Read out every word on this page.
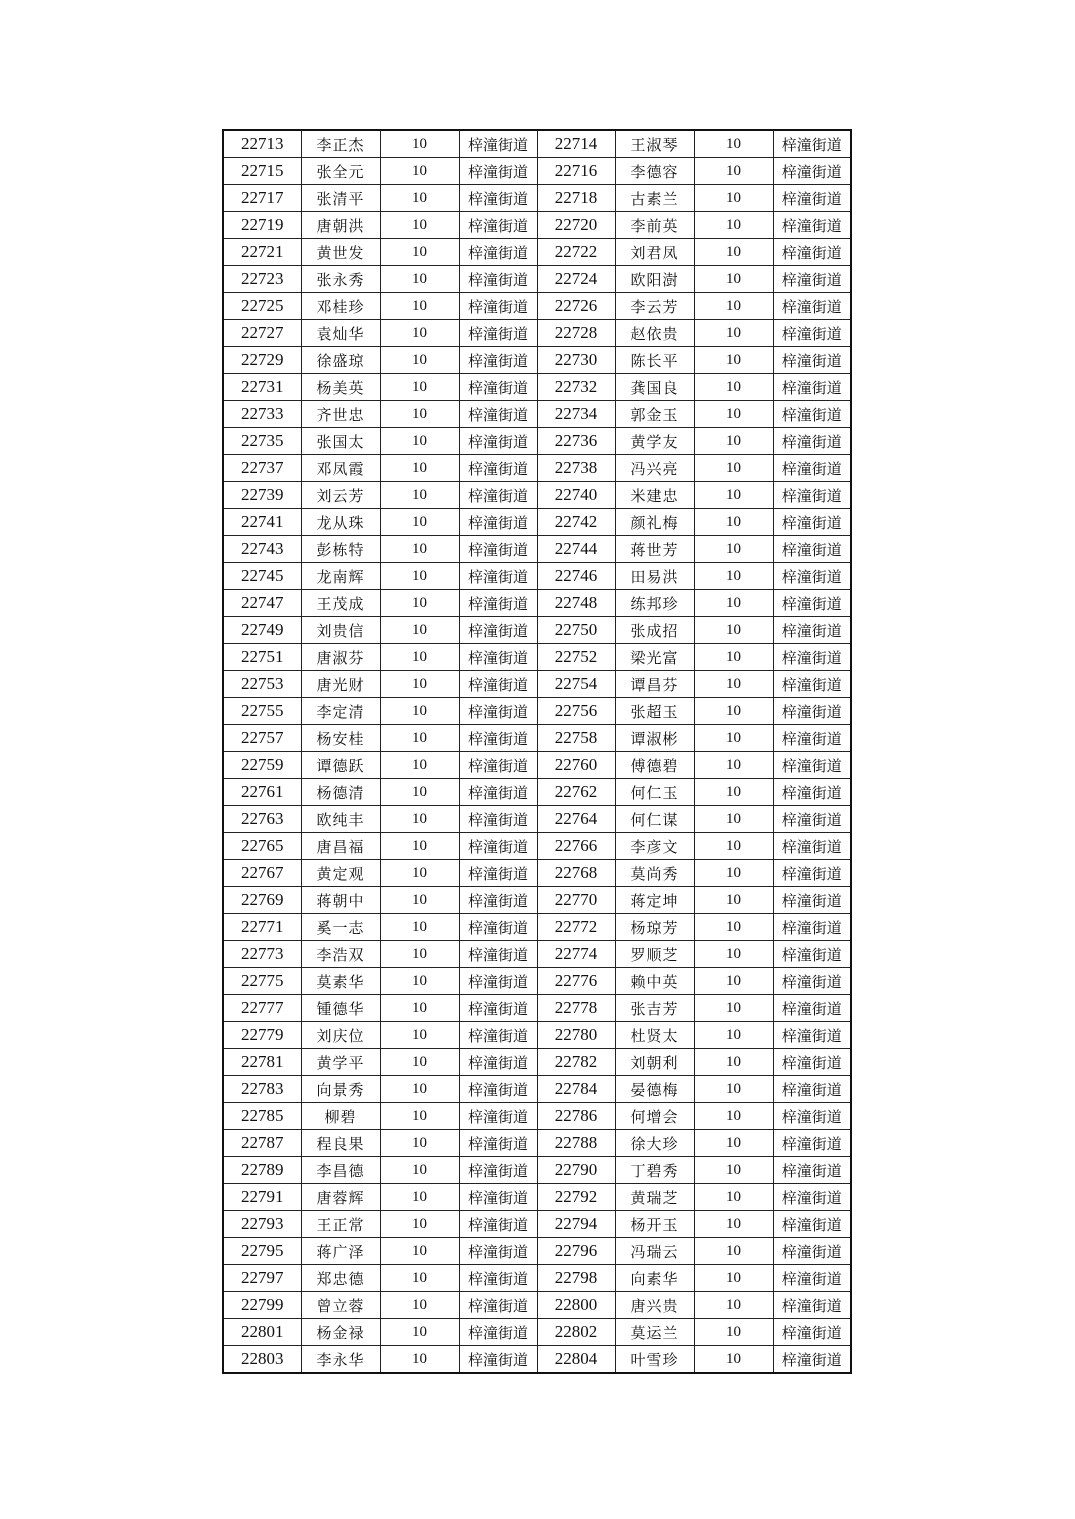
22713	李正杰	10	梓潼街道	22714	王淑琴	10	梓潼街道
22715	张全元	10	梓潼街道	22716	李德容	10	梓潼街道
22717	张清平	10	梓潼街道	22718	古素兰	10	梓潼街道
22719	唐朝洪	10	梓潼街道	22720	李前英	10	梓潼街道
22721	黄世发	10	梓潼街道	22722	刘君凤	10	梓潼街道
22723	张永秀	10	梓潼街道	22724	欧阳澍	10	梓潼街道
22725	邓桂珍	10	梓潼街道	22726	李云芳	10	梓潼街道
22727	袁灿华	10	梓潼街道	22728	赵依贵	10	梓潼街道
22729	徐盛琼	10	梓潼街道	22730	陈长平	10	梓潼街道
22731	杨美英	10	梓潼街道	22732	龚国良	10	梓潼街道
22733	齐世忠	10	梓潼街道	22734	郭金玉	10	梓潼街道
22735	张国太	10	梓潼街道	22736	黄学友	10	梓潼街道
22737	邓凤霞	10	梓潼街道	22738	冯兴亮	10	梓潼街道
22739	刘云芳	10	梓潼街道	22740	米建忠	10	梓潼街道
22741	龙从珠	10	梓潼街道	22742	颜礼梅	10	梓潼街道
22743	彭栋特	10	梓潼街道	22744	蒋世芳	10	梓潼街道
22745	龙南辉	10	梓潼街道	22746	田易洪	10	梓潼街道
22747	王茂成	10	梓潼街道	22748	练邦珍	10	梓潼街道
22749	刘贵信	10	梓潼街道	22750	张成招	10	梓潼街道
22751	唐淑芬	10	梓潼街道	22752	梁光富	10	梓潼街道
22753	唐光财	10	梓潼街道	22754	谭昌芬	10	梓潼街道
22755	李定清	10	梓潼街道	22756	张超玉	10	梓潼街道
22757	杨安桂	10	梓潼街道	22758	谭淑彬	10	梓潼街道
22759	谭德跃	10	梓潼街道	22760	傅德碧	10	梓潼街道
22761	杨德清	10	梓潼街道	22762	何仁玉	10	梓潼街道
22763	欧纯丰	10	梓潼街道	22764	何仁谋	10	梓潼街道
22765	唐昌福	10	梓潼街道	22766	李彦文	10	梓潼街道
22767	黄定观	10	梓潼街道	22768	莫尚秀	10	梓潼街道
22769	蒋朝中	10	梓潼街道	22770	蒋定坤	10	梓潼街道
22771	奚一志	10	梓潼街道	22772	杨琼芳	10	梓潼街道
22773	李浩双	10	梓潼街道	22774	罗顺芝	10	梓潼街道
22775	莫素华	10	梓潼街道	22776	赖中英	10	梓潼街道
22777	锺德华	10	梓潼街道	22778	张吉芳	10	梓潼街道
22779	刘庆位	10	梓潼街道	22780	杜贤太	10	梓潼街道
22781	黄学平	10	梓潼街道	22782	刘朝利	10	梓潼街道
22783	向景秀	10	梓潼街道	22784	晏德梅	10	梓潼街道
22785	柳碧	10	梓潼街道	22786	何增会	10	梓潼街道
22787	程良果	10	梓潼街道	22788	徐大珍	10	梓潼街道
22789	李昌德	10	梓潼街道	22790	丁碧秀	10	梓潼街道
22791	唐蓉辉	10	梓潼街道	22792	黄瑞芝	10	梓潼街道
22793	王正常	10	梓潼街道	22794	杨开玉	10	梓潼街道
22795	蒋广泽	10	梓潼街道	22796	冯瑞云	10	梓潼街道
22797	郑忠德	10	梓潼街道	22798	向素华	10	梓潼街道
22799	曾立蓉	10	梓潼街道	22800	唐兴贵	10	梓潼街道
22801	杨金禄	10	梓潼街道	22802	莫运兰	10	梓潼街道
22803	李永华	10	梓潼街道	22804	叶雪珍	10	梓潼街道
